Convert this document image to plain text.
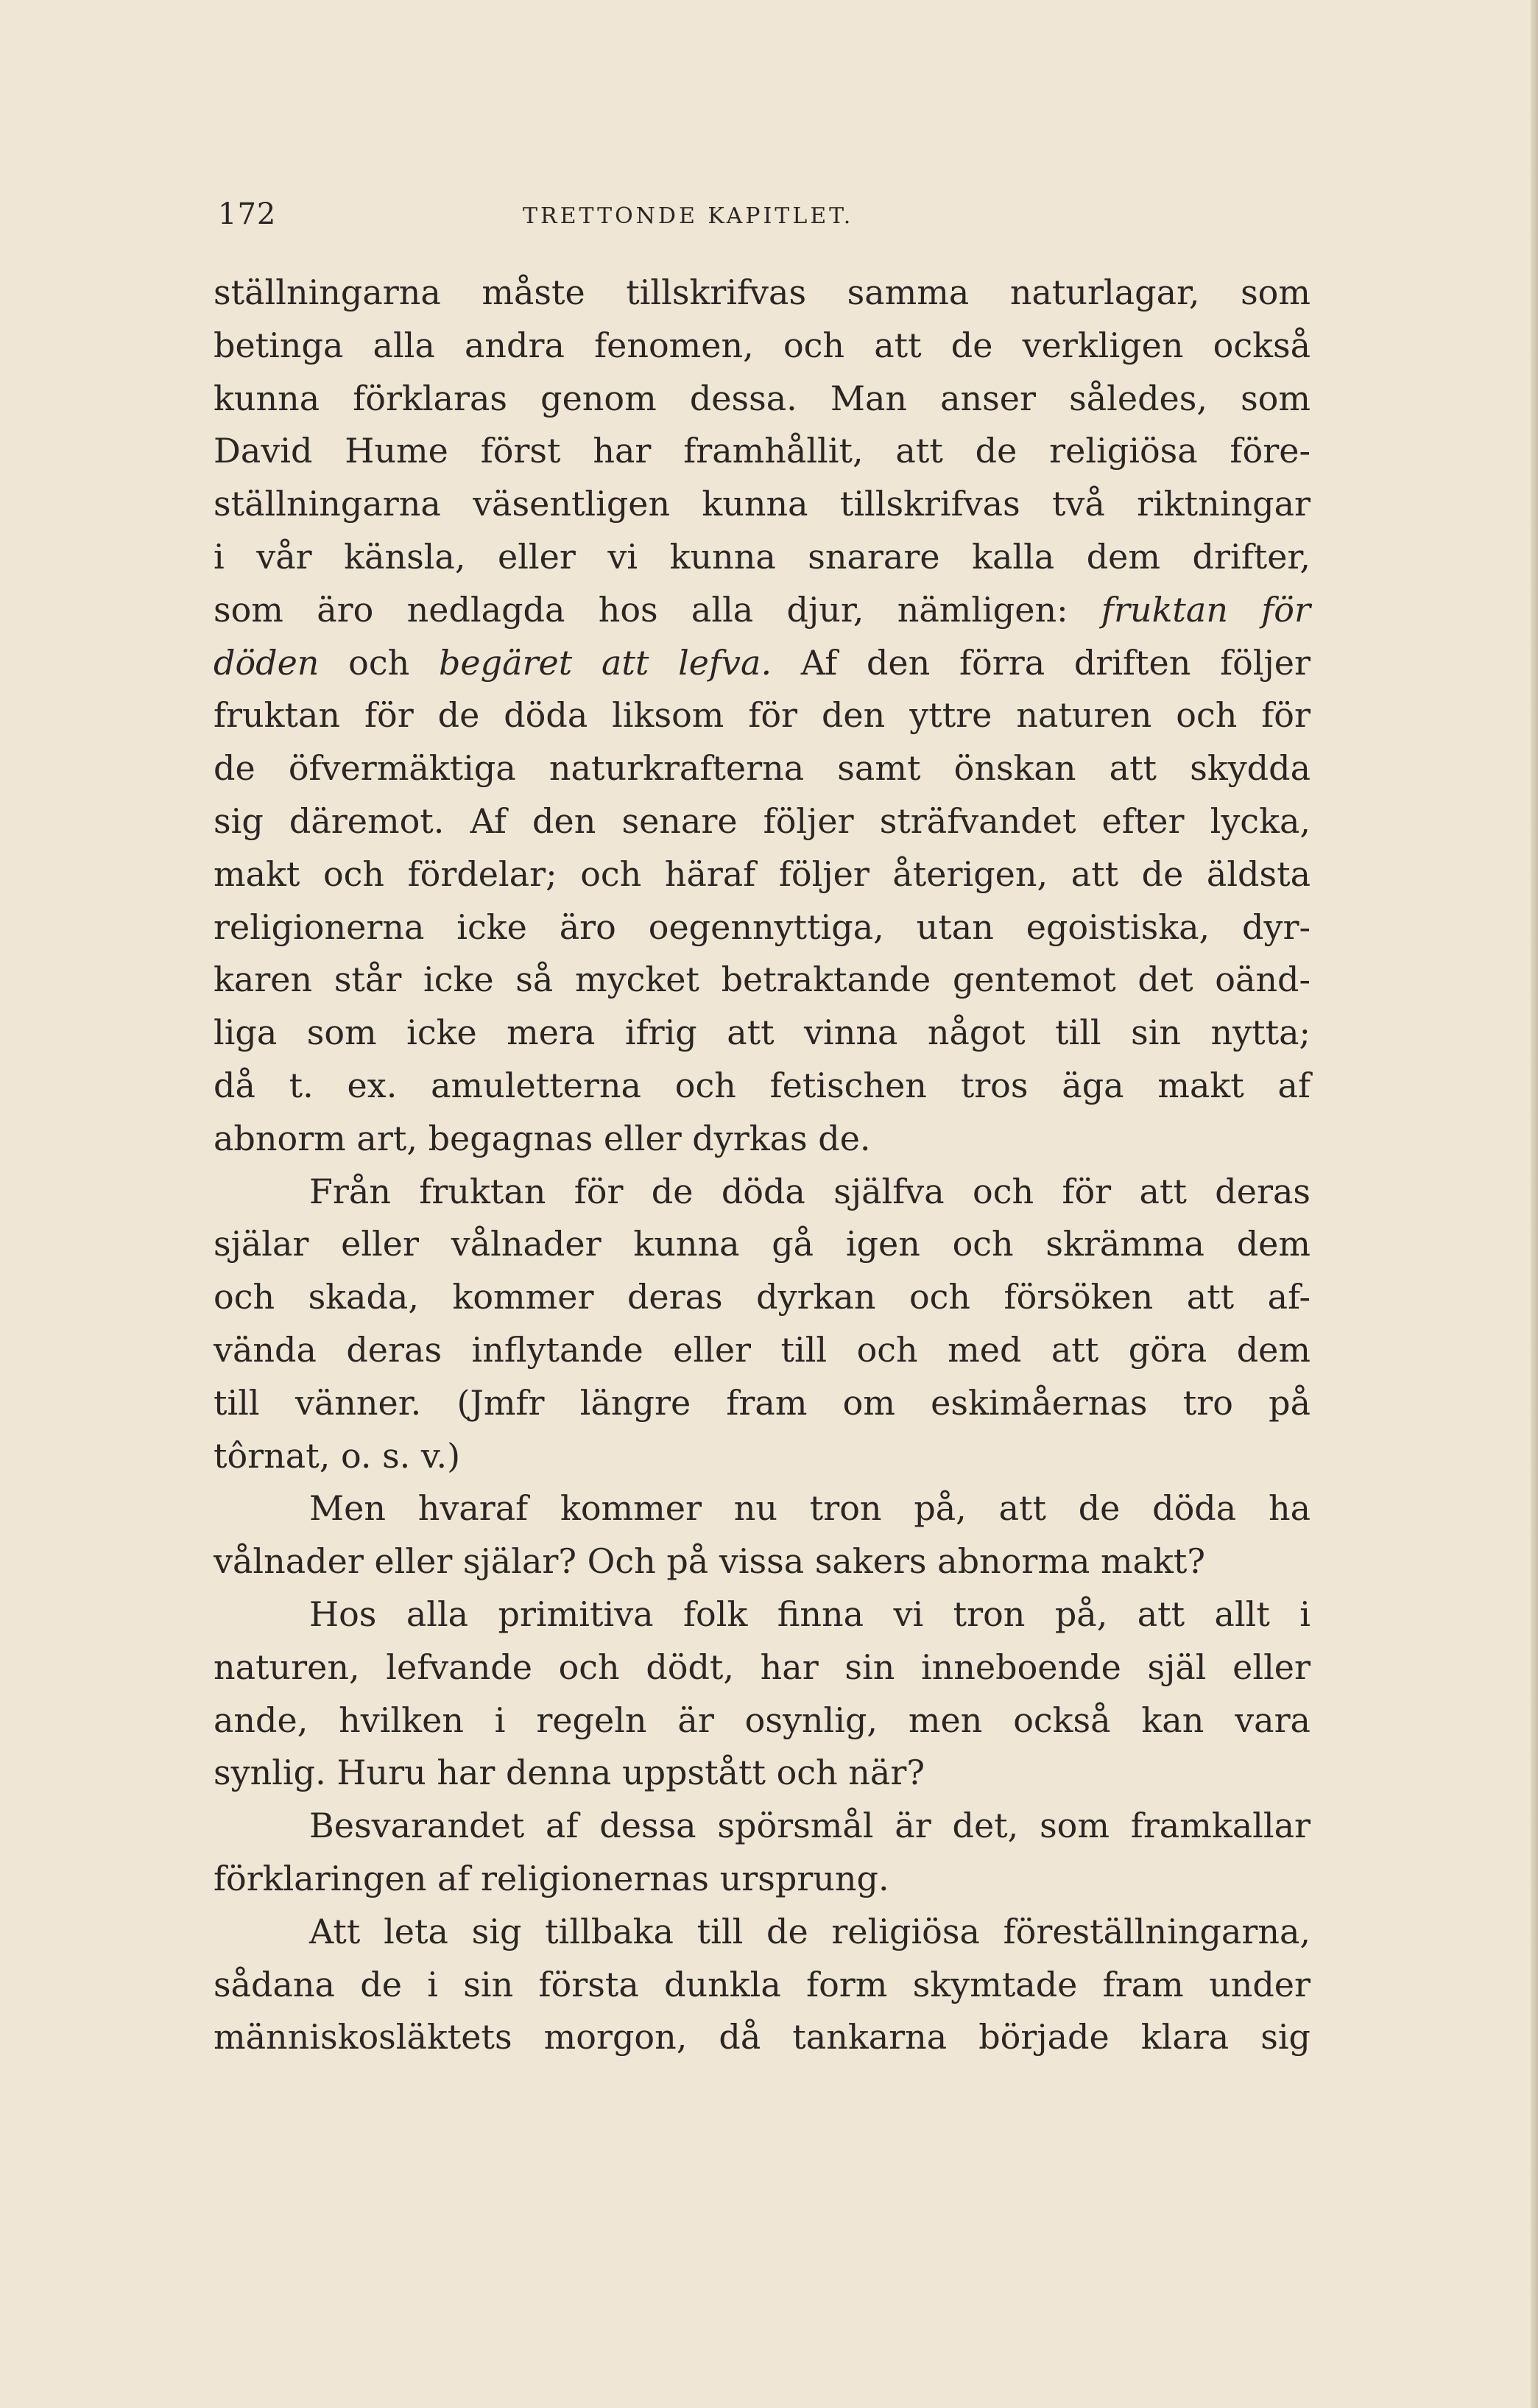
172	TRETTONDE KAPITLET.
ställningarna måste tillskrifvas samma naturlagar, som
betinga alla andra fenomen, och att de verkligen också
kunna förklaras genom dessa. Man anser således, som
David Hume först har framhållit, att de religiösa före-
ställningarna väsentligen kunna tillskrifvas två riktningar
i vår känsla, eller vi kunna snarare kalla dem drifter,
som äro nedlagda hos alla djur, nämligen: fruktan för
döden och begäret att lefva. Af den förra driften följer
fruktan för de döda liksom för den yttre naturen och för
de öfvermäktiga naturkrafterna samt önskan att skydda
sig däremot. Af den senare följer sträfvandet efter lycka,
makt och fördelar; och häraf följer återigen, att de äldsta
religionerna icke äro oegennyttiga, utan egoistiska, dyr-
karen står icke så mycket betraktande gentemot det oänd-
liga som icke mera ifrig att vinna något till sin nytta;
då t. ex. amuletterna och fetischen tros äga makt af
abnorm art, begagnas eller dyrkas de.
Från fruktan för de döda själfva och för att deras
själar eller vålnader kunna gå igen och skrämma dem
och skada, kommer deras dyrkan och försöken att af-
vända deras inflytande eller till och med att göra dem
till vänner. (Jmfr längre fram om eskimåernas tro på
tôrnat, o. s. v.)
Men hvaraf kommer nu tron på, att de döda ha
vålnader eller själar? Och på vissa sakers abnorma makt?
Hos alla primitiva folk finna vi tron på, att allt i
naturen, lefvande och dödt, har sin inneboende själ eller
ande, hvilken i regeln är osynlig, men också kan vara
synlig. Huru har denna uppstått och när?
Besvarandet af dessa spörsmål är det, som framkallar
förklaringen af religionernas ursprung.
Att leta sig tillbaka till de religiösa föreställningarna,
sådana de i sin första dunkla form skymtade fram under
människosläktets morgon, då tankarna började klara sig
